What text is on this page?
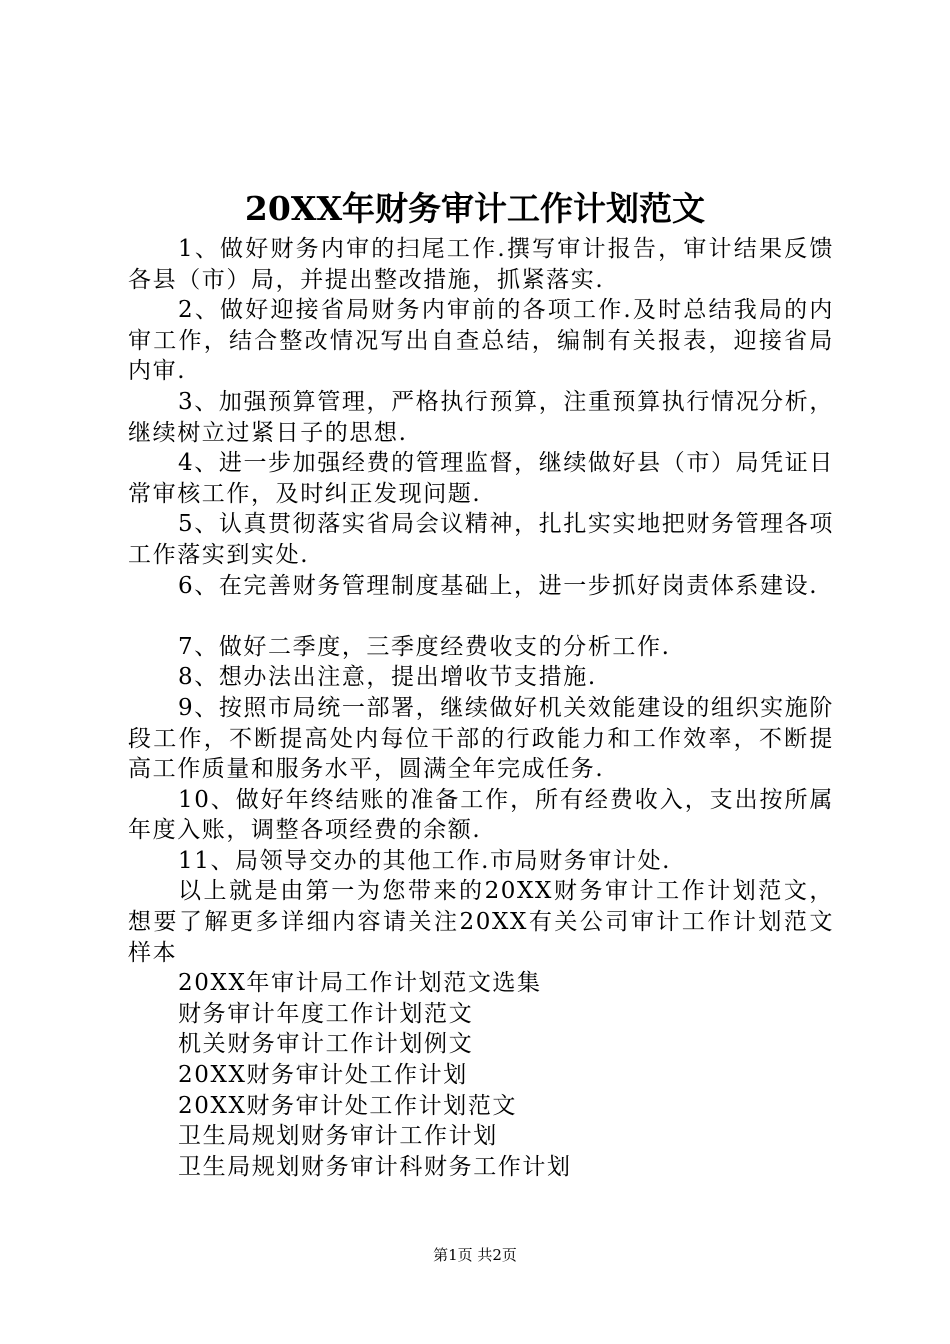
20XX年财务审计工作计划范文

1、做好财务内审的扫尾工作.撰写审计报告，审计结果反馈各县（市）局，并提出整改措施，抓紧落实.

2、做好迎接省局财务内审前的各项工作.及时总结我局的内审工作，结合整改情况写出自查总结，编制有关报表，迎接省局内审.

3、加强预算管理，严格执行预算，注重预算执行情况分析，继续树立过紧日子的思想.

4、进一步加强经费的管理监督，继续做好县（市）局凭证日常审核工作，及时纠正发现问题.

5、认真贯彻落实省局会议精神，扎扎实实地把财务管理各项工作落实到实处.

6、在完善财务管理制度基础上，进一步抓好岗责体系建设.

7、做好二季度，三季度经费收支的分析工作.

8、想办法出注意，提出增收节支措施.

9、按照市局统一部署，继续做好机关效能建设的组织实施阶段工作，不断提高处内每位干部的行政能力和工作效率，不断提高工作质量和服务水平，圆满全年完成任务.

10、做好年终结账的准备工作，所有经费收入，支出按所属年度入账，调整各项经费的余额.

11、局领导交办的其他工作.市局财务审计处.

以上就是由第一为您带来的20XX财务审计工作计划范文，想要了解更多详细内容请关注20XX有关公司审计工作计划范文样本

20XX年审计局工作计划范文选集
财务审计年度工作计划范文
机关财务审计工作计划例文
20XX财务审计处工作计划
20XX财务审计处工作计划范文
卫生局规划财务审计工作计划
卫生局规划财务审计科财务工作计划
第1页 共2页
